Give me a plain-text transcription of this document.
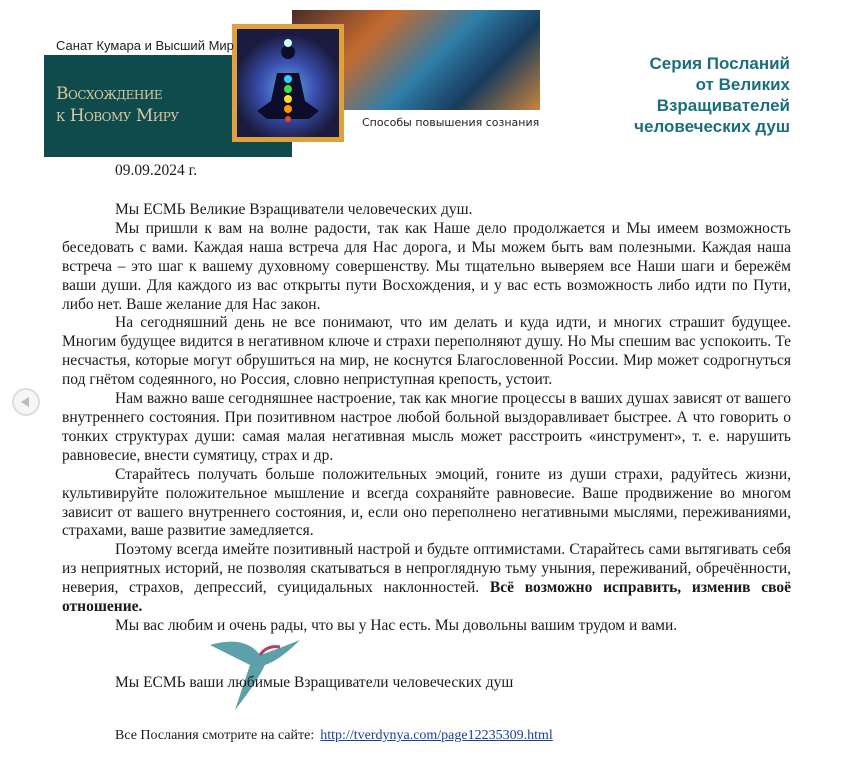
Санат Кумара и Высший Мир
Восхождение
к Новому Миру	Способы повышения сознания
Серия Посланий
от Великих
Взращивателей
человеческих душ
09.09.2024 г.

Мы ЕСМЬ Великие Взращиватели человеческих душ.

Мы пришли к вам на волне радости, так как Наше дело продолжается и Мы имеем возможность беседовать с вами. Каждая наша встреча для Нас дорогa, и Мы можем быть вам полезными. Каждая наша встреча – это шаг к вашему духовному совершенству. Мы тщательно выверяем все Наши шаги и бережём ваши души. Для каждого из вас открыты пути Восхождения, и у вас есть возможность либо идти по Пути, либо нет. Ваше желание для Нас закон.

На сегодняшний день не все понимают, что им делать и куда идти, и многих страшит будущее. Многим будущее видится в негативном ключе и страхи переполняют душу. Но Мы спешим вас успокоить. Те несчастья, которые могут обрушиться на мир, не коснутся Благословенной России. Мир может содрогнуться под гнётом содеянного, но Россия, словно неприступная крепость, устоит.

Нам важно ваше сегодняшнее настроение, так как многие процессы в ваших душах зависят от вашего внутреннего состояния. При позитивном настрое любой больной выздоравливает быстрее. А что говорить о тонких структурах души: самая малая негативная мысль может расстроить «инструмент», т. е. нарушить равновесие, внести сумятицу, страх и др.

Старайтесь получать больше положительных эмоций, гоните из души страхи, радуйтесь жизни, культивируйте положительное мышление и всегда сохраняйте равновесие. Ваше продвижение во многом зависит от вашего внутреннего состояния, и, если оно переполнено негативными мыслями, переживаниями, страхами, ваше развитие замедляется.

Поэтому всегда имейте позитивный настрой и будьте оптимистами. Старайтесь сами вытягивать себя из неприятных историй, не позволяя скатываться в непроглядную тьму уныния, переживаний, обречённости, неверия, страхов, депрессий, суицидальных наклонностей. Всё возможно исправить, изменив своё отношение.

Мы вас любим и очень рады, что вы у Нас есть. Мы довольны вашим трудом и вами.

Мы ЕСМЬ ваши любимые Взращиватели человеческих душ
Все Послания смотрите на сайте: http://tverdynya.com/page12235309.html
